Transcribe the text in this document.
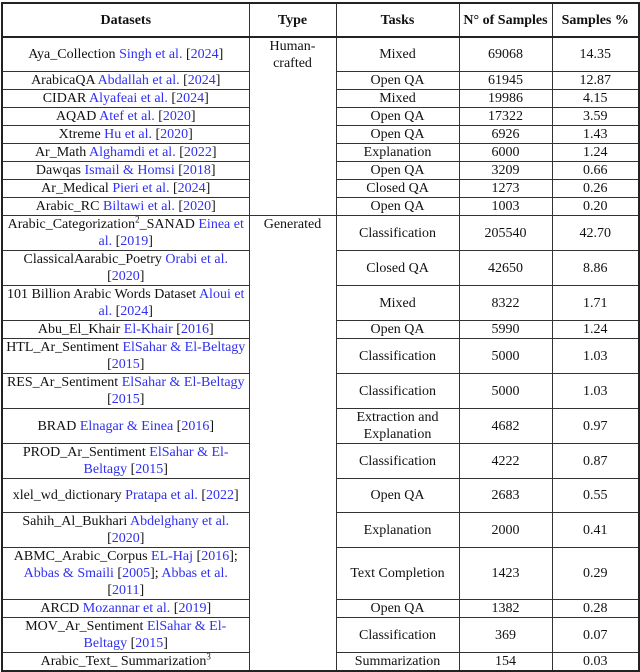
Datasets	Type	Tasks	N° of Samples	Samples %
Aya_Collection Singh et al. [2024]	Human-crafted	Mixed	69068	14.35
ArabicaQA Abdallah et al. [2024]		Open QA	61945	12.87
CIDAR Alyafeai et al. [2024]		Mixed	19986	4.15
AQAD Atef et al. [2020]		Open QA	17322	3.59
Xtreme Hu et al. [2020]		Open QA	6926	1.43
Ar_Math Alghamdi et al. [2022]		Explanation	6000	1.24
Dawqas Ismail & Homsi [2018]		Open QA	3209	0.66
Ar_Medical Pieri et al. [2024]		Closed QA	1273	0.26
Arabic_RC Biltawi et al. [2020]		Open QA	1003	0.20
Arabic_Categorization$^2$_SANAD Einea et al. [2019]	Generated	Classification	205540	42.70
ClassicalAarabic_Poetry Orabi et al. [2020]		Closed QA	42650	8.86
101 Billion Arabic Words Dataset Aloui et al. [2024]		Mixed	8322	1.71
Abu_El_Khair El-Khair [2016]		Open QA	5990	1.24
HTL_Ar_Sentiment ElSahar & El-Beltagy [2015]		Classification	5000	1.03
RES_Ar_Sentiment ElSahar & El-Beltagy [2015]		Classification	5000	1.03
BRAD Elnagar & Einea [2016]		Extraction and Explanation	4682	0.97
PROD_Ar_Sentiment ElSahar & El-Beltagy [2015]		Classification	4222	0.87
xlel_wd_dictionary Pratapa et al. [2022]		Open QA	2683	0.55
Sahih_Al_Bukhari Abdelghany et al. [2020]		Explanation	2000	0.41
ABMC_Arabic_Corpus EL-Haj [2016]; Abbas & Smaili [2005]; Abbas et al. [2011]		Text Completion	1423	0.29
ARCD Mozannar et al. [2019]		Open QA	1382	0.28
MOV_Ar_Sentiment ElSahar & El-Beltagy [2015]		Classification	369	0.07
Arabic_Text_ Summarization$^3$		Summarization	154	0.03
